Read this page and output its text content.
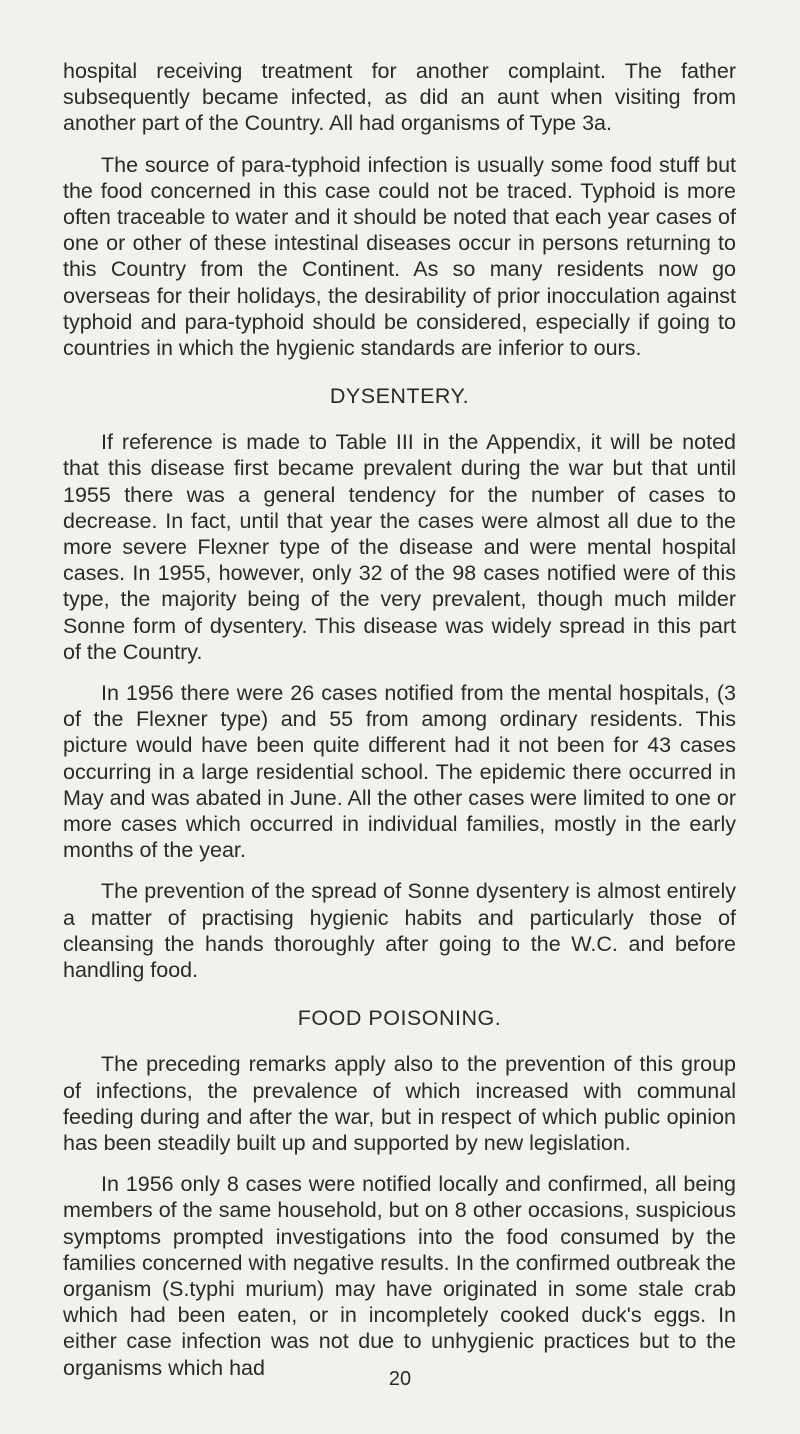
hospital receiving treatment for another complaint. The father subsequently became infected, as did an aunt when visiting from another part of the Country. All had organisms of Type 3a.

The source of para-typhoid infection is usually some food stuff but the food concerned in this case could not be traced. Typhoid is more often traceable to water and it should be noted that each year cases of one or other of these intestinal diseases occur in persons returning to this Country from the Continent. As so many residents now go overseas for their holidays, the desirability of prior inocculation against typhoid and para-typhoid should be considered, especially if going to countries in which the hygienic standards are inferior to ours.

DYSENTERY.

If reference is made to Table III in the Appendix, it will be noted that this disease first became prevalent during the war but that until 1955 there was a general tendency for the number of cases to decrease. In fact, until that year the cases were almost all due to the more severe Flexner type of the disease and were mental hospital cases. In 1955, however, only 32 of the 98 cases notified were of this type, the majority being of the very prevalent, though much milder Sonne form of dysentery. This disease was widely spread in this part of the Country.

In 1956 there were 26 cases notified from the mental hospitals, (3 of the Flexner type) and 55 from among ordinary residents. This picture would have been quite different had it not been for 43 cases occurring in a large residential school. The epidemic there occurred in May and was abated in June. All the other cases were limited to one or more cases which occurred in individual families, mostly in the early months of the year.

The prevention of the spread of Sonne dysentery is almost entirely a matter of practising hygienic habits and particularly those of cleansing the hands thoroughly after going to the W.C. and before handling food.

FOOD POISONING.

The preceding remarks apply also to the prevention of this group of infections, the prevalence of which increased with communal feeding during and after the war, but in respect of which public opinion has been steadily built up and supported by new legislation.

In 1956 only 8 cases were notified locally and confirmed, all being members of the same household, but on 8 other occasions, suspicious symptoms prompted investigations into the food consumed by the families concerned with negative results. In the confirmed outbreak the organism (S.typhi murium) may have originated in some stale crab which had been eaten, or in incompletely cooked duck's eggs. In either case infection was not due to unhygienic practices but to the organisms which had	20
